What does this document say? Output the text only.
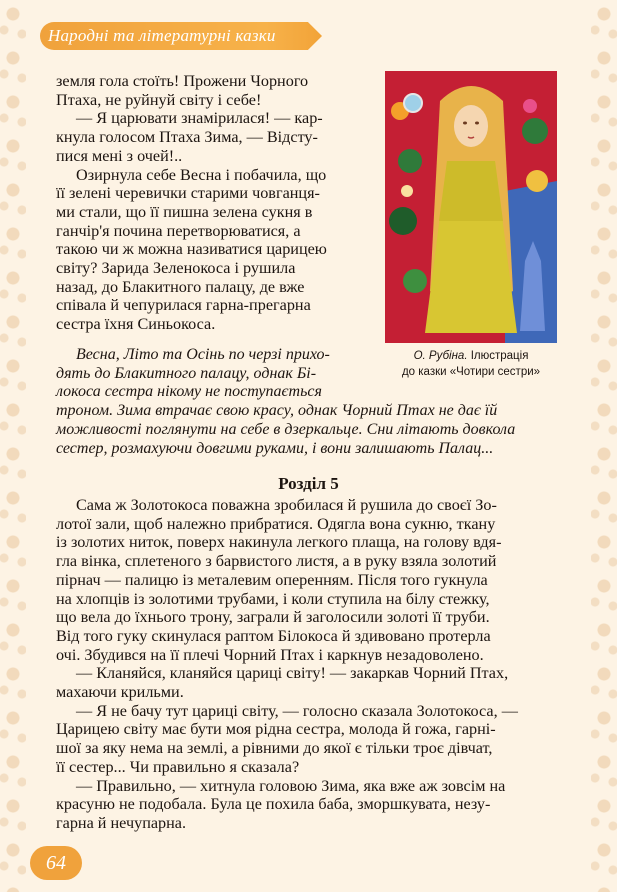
Народні та літературні казки

земля гола стоїть! Прожени Чорного

Птаха, не руйнуй світу і себе!

— Я царювати знамірилася! — кар-

кнула голосом Птаха Зима, — Відсту-

пися мені з очей!..

Озирнула себе Весна і побачила, що

її зелені черевички старими човганця-

ми стали, що її пишна зелена сукня в

ганчір'я почина перетворюватися, а

такою чи ж можна називатися царицею

світу? Зарида Зеленокоса і рушила

назад, до Блакитного палацу, де вже

співала й чепурилася гарна-прегарна

сестра їхня Синьокоса.

О. Рубіна. Ілюстрація
до казки «Чотири сестри»
Весна, Літо та Осінь по черзі прихо-
дять до Блакитного палацу, однак Бі-
локоса сестра нікому не поступається
троном. Зима втрачає свою красу, однак Чорний Птах не дає їй
можливості поглянути на себе в дзеркальце. Сни літають довкола
сестер, розмахуючи довгими руками, і вони залишають Палац...
Розділ 5

Сама ж Золотокоса поважна зробилася й рушила до своєї Зо-

лотої зали, щоб належно прибратися. Одягла вона сукню, ткану

із золотих ниток, поверх накинула легкого плаща, на голову вдя-

гла вінка, сплетеного з барвистого листя, а в руку взяла золотий

пірнач — палицю із металевим оперенням. Після того гукнула

на хлопців із золотими трубами, і коли ступила на білу стежку,

що вела до їхнього трону, заграли й заголосили золоті її труби.

Від того гуку скинулася раптом Білокоса й здивовано протерла

очі. Збудився на її плечі Чорний Птах і каркнув незадоволено.

— Кланяйся, кланяйся цариці світу! — закаркав Чорний Птах,

махаючи крильми.

— Я не бачу тут цариці світу, — голосно сказала Золотокоса, —

Царицею світу має бути моя рідна сестра, молода й гожа, гарні-

шої за яку нема на землі, а рівними до якої є тільки троє дівчат,

її сестер... Чи правильно я сказала?

— Правильно, — хитнула головою Зима, яка вже аж зовсім на

красуню не подобала. Була це похила баба, зморшкувата, незу-

гарна й нечупарна.

64
